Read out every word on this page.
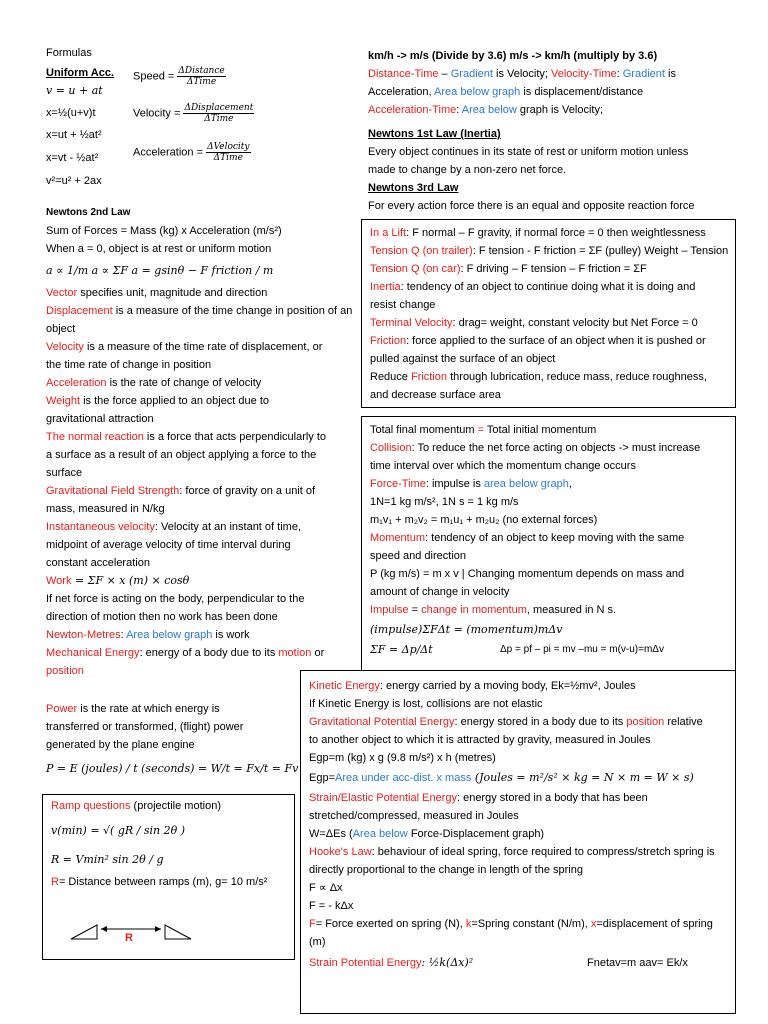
Formulas
Uniform Acc.
v = u + at
x=½(u+v)t
x=ut + ½at²
x=vt - ½at²
v²=u² + 2ax
Speed = $\frac{\text{ΔDistance}}{\text{ΔTime}}$
Velocity = $\frac{\text{ΔDisplacement}}{\text{ΔTime}}$
Acceleration = $\frac{\text{ΔVelocity}}{\text{ΔTime}}$
Newtons 2nd Law
Sum of Forces = Mass (kg) x Acceleration (m/s²)
When a = 0, object is at rest or uniform motion
a ∝ 1/m a ∝ ΣF a = gsinθ − F friction / m
Vector specifies unit, magnitude and direction
Displacement is a measure of the time change in position of an
object
Velocity is a measure of the time rate of displacement, or
the time rate of change in position
Acceleration is the rate of change of velocity
Weight is the force applied to an object due to
gravitational attraction
The normal reaction is a force that acts perpendicularly to
a surface as a result of an object applying a force to the
surface
Gravitational Field Strength: force of gravity on a unit of
mass, measured in N/kg
Instantaneous velocity: Velocity at an instant of time,
midpoint of average velocity of time interval during
constant acceleration
Work = ΣF × x (m) × cosθ
If net force is acting on the body, perpendicular to the
direction of motion then no work has been done
Newton-Metres: Area below graph is work
Mechanical Energy: energy of a body due to its motion or
position
Power is the rate at which energy is
transferred or transformed, (flight) power
generated by the plane engine
P = E (joules) / t (seconds) = W/t = Fx/t = Fv
Ramp questions (projectile motion)
v(min) = √( gR / sin 2θ )
R = Vmin² sin 2θ / g
R= Distance between ramps (m), g= 10 m/s²
R
km/h -> m/s (Divide by 3.6) m/s -> km/h (multiply by 3.6)
Distance-Time – Gradient is Velocity; Velocity-Time: Gradient is
Acceleration, Area below graph is displacement/distance
Acceleration-Time: Area below graph is Velocity;
Newtons 1st Law (Inertia)
Every object continues in its state of rest or uniform motion unless
made to change by a non-zero net force.
Newtons 3rd Law
For every action force there is an equal and opposite reaction force
In a Lift: F normal – F gravity, if normal force = 0 then weightlessness
Tension Q (on trailer): F tension - F friction = ΣF (pulley) Weight – Tension
Tension Q (on car): F driving – F tension – F friction = ΣF
Inertia: tendency of an object to continue doing what it is doing and
resist change
Terminal Velocity: drag= weight, constant velocity but Net Force = 0
Friction: force applied to the surface of an object when it is pushed or
pulled against the surface of an object
Reduce Friction through lubrication, reduce mass, reduce roughness,
and decrease surface area
Total final momentum = Total initial momentum
Collision: To reduce the net force acting on objects -> must increase
time interval over which the momentum change occurs
Force-Time: impulse is area below graph,
1N=1 kg m/s², 1N s = 1 kg m/s
m₁v₁ + m₂v₂ = m₁u₁ + m₂u₂ (no external forces)
Momentum: tendency of an object to keep moving with the same
speed and direction
P (kg m/s) = m x v | Changing momentum depends on mass and
amount of change in velocity
Impulse = change in momentum, measured in N s.
(impulse)ΣFΔt = (momentum)mΔv
ΣF = Δp/Δt	Δp = pf – pi = mv –mu = m(v-u)=mΔv
Kinetic Energy: energy carried by a moving body, Ek=½mv², Joules
If Kinetic Energy is lost, collisions are not elastic
Gravitational Potential Energy: energy stored in a body due to its position relative
to another object to which it is attracted by gravity, measured in Joules
Egp=m (kg) x g (9.8 m/s²) x h (metres)
Egp=Area under acc-dist. x mass (Joules = m²/s² × kg = N × m = W × s)
Strain/Elastic Potential Energy: energy stored in a body that has been
stretched/compressed, measured in Joules
W=ΔEs (Area below Force-Displacement graph)
Hooke's Law: behaviour of ideal spring, force required to compress/stretch spring is
directly proportional to the change in length of the spring
F ∝ Δx
F = - kΔx
F= Force exerted on spring (N), k=Spring constant (N/m), x=displacement of spring
(m)
Strain Potential Energy: ½k(Δx)²	Fnetav=m aav= Ek/x
